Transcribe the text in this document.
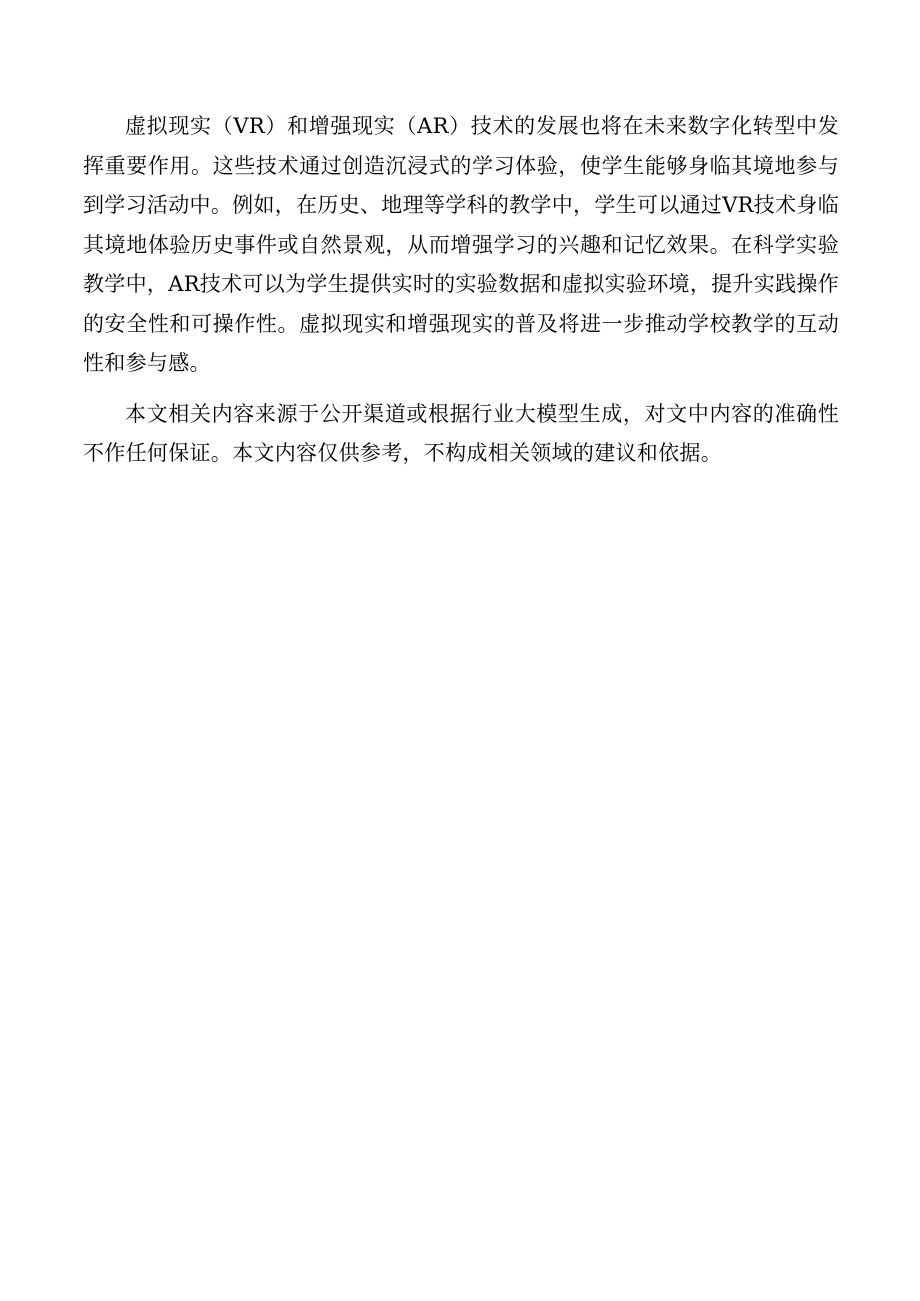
虚拟现实（VR）和增强现实（AR）技术的发展也将在未来数字化转型中发挥重要作用。这些技术通过创造沉浸式的学习体验，使学生能够身临其境地参与到学习活动中。例如，在历史、地理等学科的教学中，学生可以通过VR技术身临其境地体验历史事件或自然景观，从而增强学习的兴趣和记忆效果。在科学实验教学中，AR技术可以为学生提供实时的实验数据和虚拟实验环境，提升实践操作的安全性和可操作性。虚拟现实和增强现实的普及将进一步推动学校教学的互动性和参与感。

本文相关内容来源于公开渠道或根据行业大模型生成，对文中内容的准确性不作任何保证。本文内容仅供参考，不构成相关领域的建议和依据。
